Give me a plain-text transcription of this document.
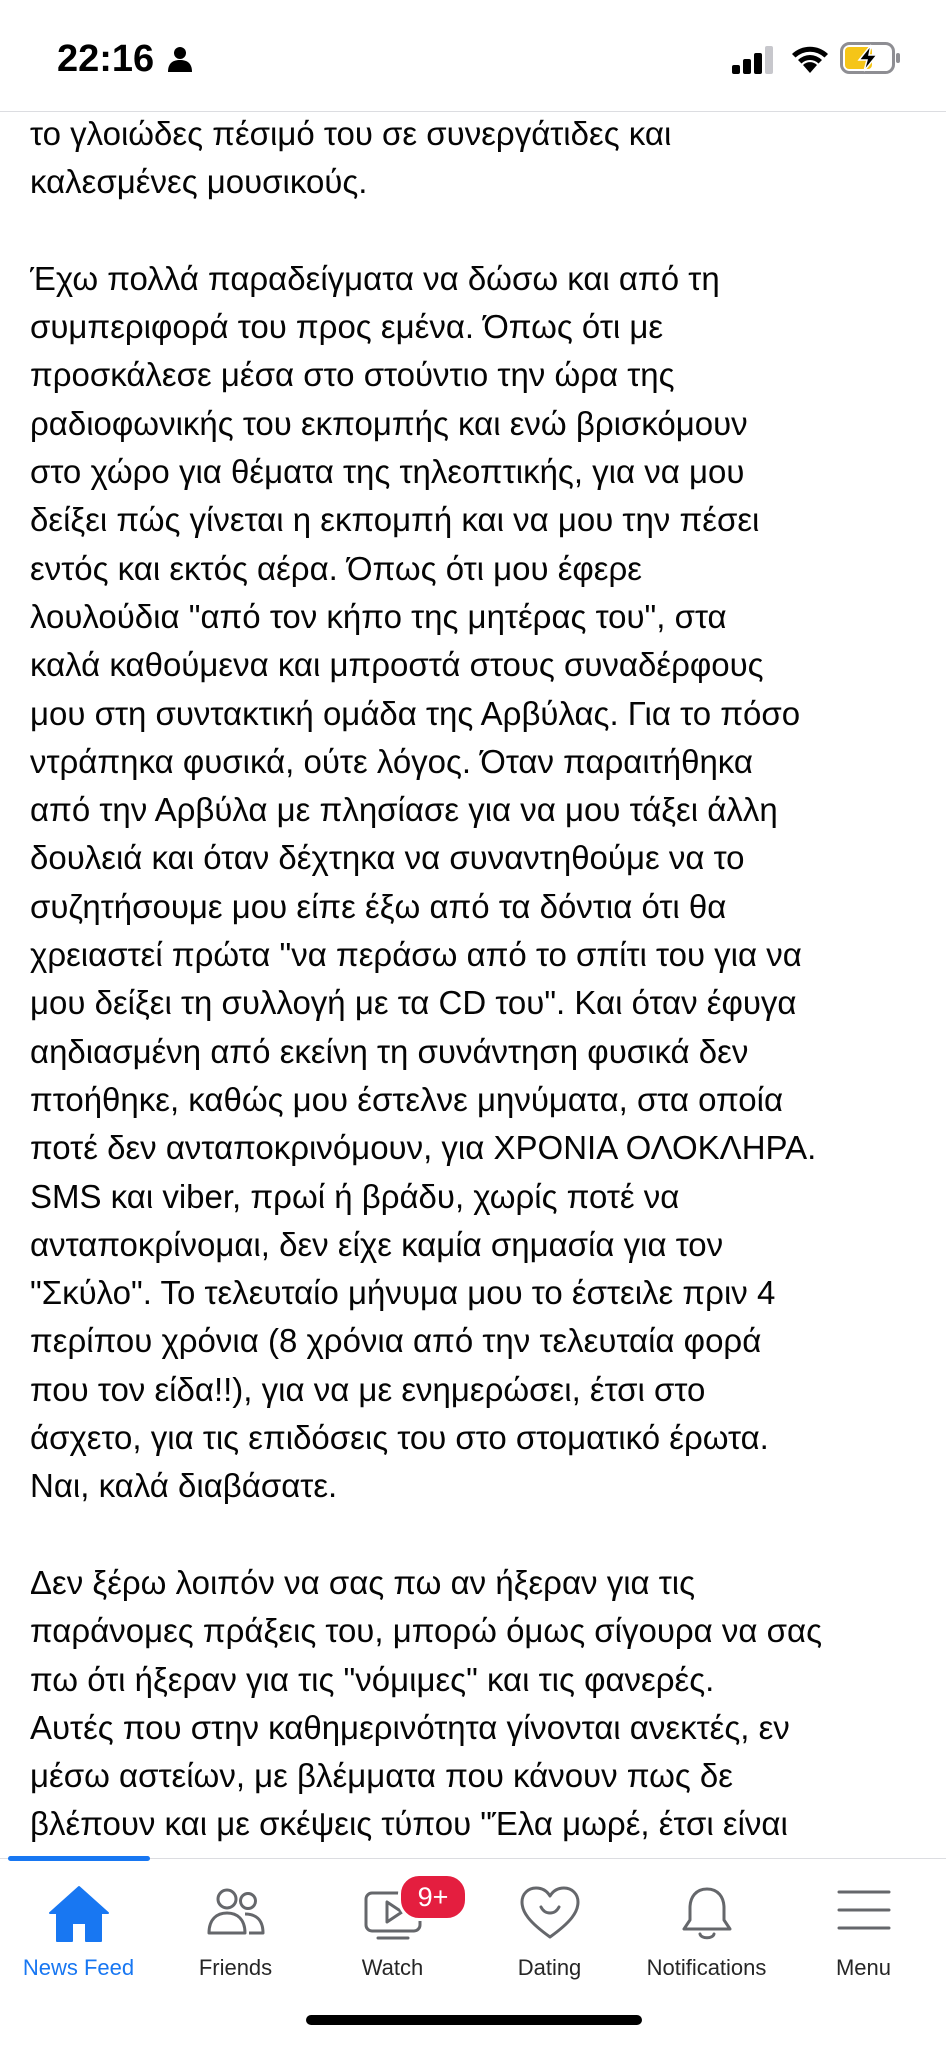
22:16
το γλοιώδες πέσιμό του σε συνεργάτιδες και
καλεσμένες μουσικούς.
Έχω πολλά παραδείγματα να δώσω και από τη
συμπεριφορά του προς εμένα. Όπως ότι με
προσκάλεσε μέσα στο στούντιο την ώρα της
ραδιοφωνικής του εκπομπής και ενώ βρισκόμουν
στο χώρο για θέματα της τηλεοπτικής, για να μου
δείξει πώς γίνεται η εκπομπή και να μου την πέσει
εντός και εκτός αέρα. Όπως ότι μου έφερε
λουλούδια "από τον κήπο της μητέρας του", στα
καλά καθούμενα και μπροστά στους συναδέρφους
μου στη συντακτική ομάδα της Αρβύλας. Για το πόσο
ντράπηκα φυσικά, ούτε λόγος. Όταν παραιτήθηκα
από την Αρβύλα με πλησίασε για να μου τάξει άλλη
δουλειά και όταν δέχτηκα να συναντηθούμε να το
συζητήσουμε μου είπε έξω από τα δόντια ότι θα
χρειαστεί πρώτα "να περάσω από το σπίτι του για να
μου δείξει τη συλλογή με τα CD του". Και όταν έφυγα
αηδιασμένη από εκείνη τη συνάντηση φυσικά δεν
πτοήθηκε, καθώς μου έστελνε μηνύματα, στα οποία
ποτέ δεν ανταποκρινόμουν, για ΧΡΟΝΙΑ ΟΛΟΚΛΗΡΑ.
SMS και viber, πρωί ή βράδυ, χωρίς ποτέ να
ανταποκρίνομαι, δεν είχε καμία σημασία για τον
"Σκύλο". Το τελευταίο μήνυμα μου το έστειλε πριν 4
περίπου χρόνια (8 χρόνια από την τελευταία φορά
που τον είδα!!), για να με ενημερώσει, έτσι στο
άσχετο, για τις επιδόσεις του στο στοματικό έρωτα.
Ναι, καλά διαβάσατε.
Δεν ξέρω λοιπόν να σας πω αν ήξεραν για τις
παράνομες πράξεις του, μπορώ όμως σίγουρα να σας
πω ότι ήξεραν για τις "νόμιμες" και τις φανερές.
Αυτές που στην καθημερινότητα γίνονται ανεκτές, εν
μέσω αστείων, με βλέμματα που κάνουν πως δε
βλέπουν και με σκέψεις τύπου "Έλα μωρέ, έτσι είναι
News Feed	Friends
9+
Watch	Dating	Notifications	Menu
